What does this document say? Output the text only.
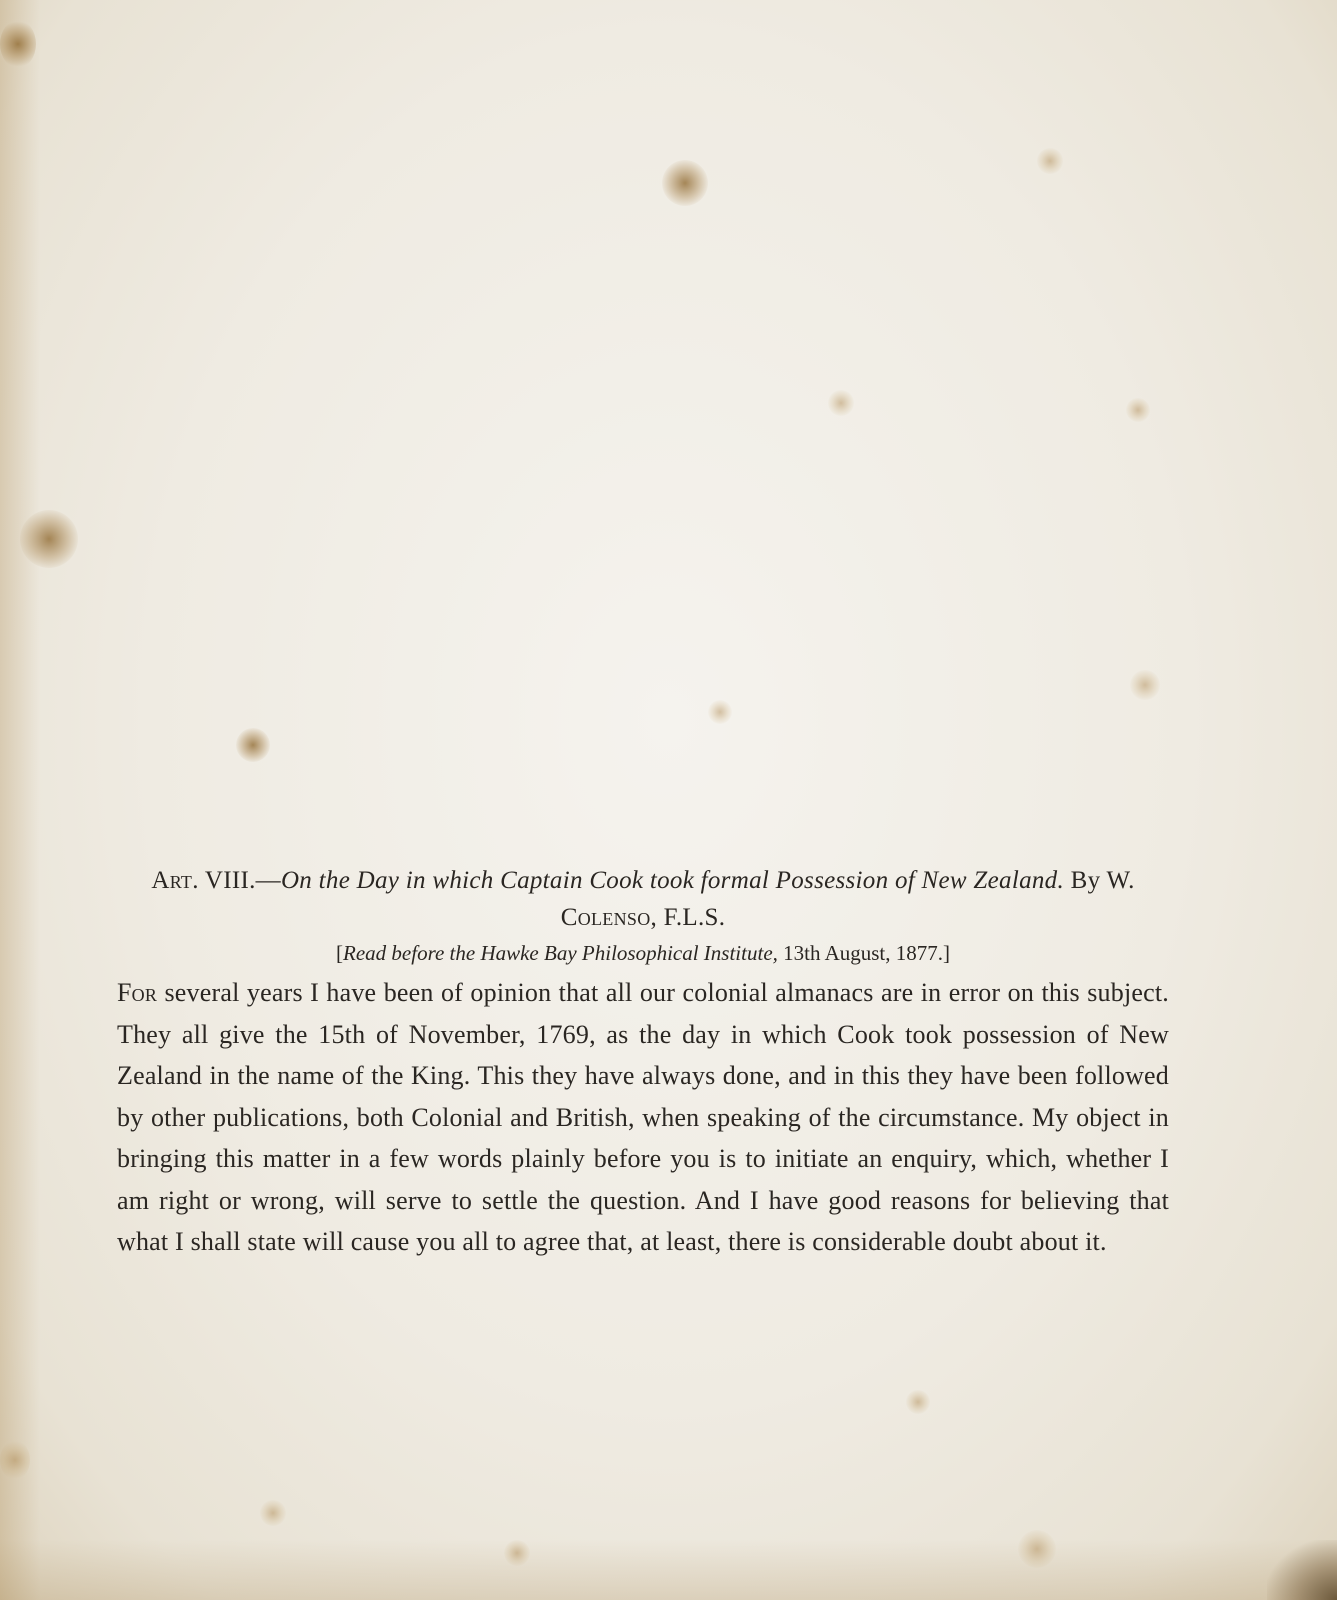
Art. VIII.—On the Day in which Captain Cook took formal Possession of New Zealand. By W. Colenso, F.L.S.
[Read before the Hawke Bay Philosophical Institute, 13th August, 1877.]
For several years I have been of opinion that all our colonial almanacs are in error on this subject. They all give the 15th of November, 1769, as the day in which Cook took possession of New Zealand in the name of the King. This they have always done, and in this they have been followed by other publications, both Colonial and British, when speaking of the circumstance. My object in bringing this matter in a few words plainly before you is to initiate an enquiry, which, whether I am right or wrong, will serve to settle the question. And I have good reasons for believing that what I shall state will cause you all to agree that, at least, there is considerable doubt about it.
